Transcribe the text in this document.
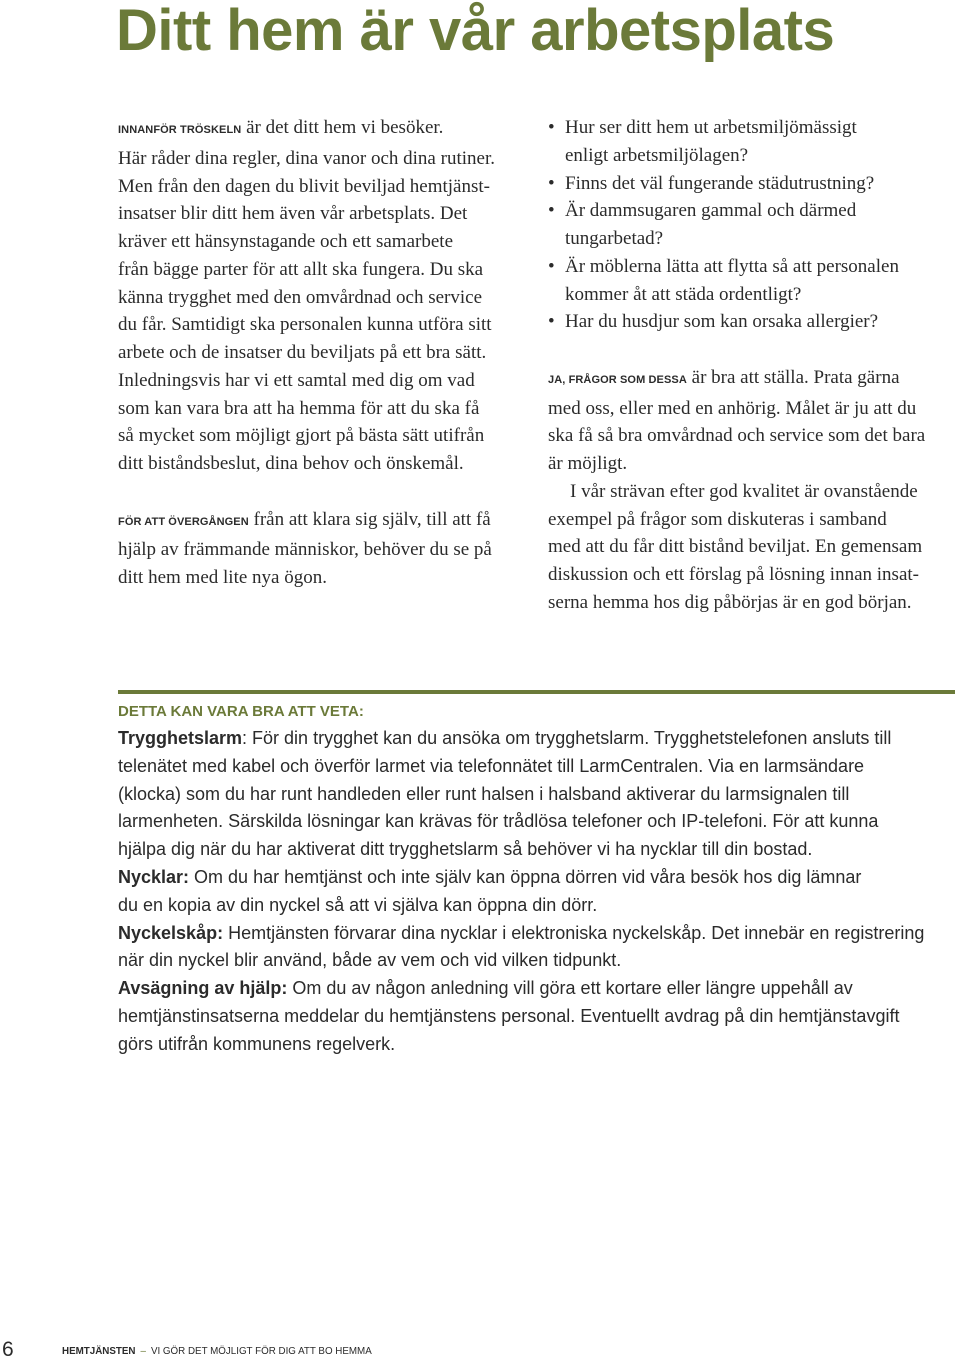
Ditt hem är vår arbetsplats

INNANFÖR TRÖSKELN är det ditt hem vi besöker.
Här råder dina regler, dina vanor och dina rutiner.
Men från den dagen du blivit beviljad hemtjänst-
insatser blir ditt hem även vår arbetsplats. Det
kräver ett hänsynstagande och ett samarbete
från bägge parter för att allt ska fungera. Du ska
känna trygghet med den omvårdnad och service
du får. Samtidigt ska personalen kunna utföra sitt
arbete och de insatser du beviljats på ett bra sätt.
Inledningsvis har vi ett samtal med dig om vad
som kan vara bra att ha hemma för att du ska få
så mycket som möjligt gjort på bästa sätt utifrån
ditt biståndsbeslut, dina behov och önskemål.

FÖR ATT ÖVERGÅNGEN från att klara sig själv, till att få
hjälp av främmande människor, behöver du se på
ditt hem med lite nya ögon.

• Hur ser ditt hem ut arbetsmiljömässigt
enligt arbetsmiljölagen?
• Finns det väl fungerande städutrustning?
• Är dammsugaren gammal och därmed
tungarbetad?
• Är möblerna lätta att flytta så att personalen
kommer åt att städa ordentligt?
• Har du husdjur som kan orsaka allergier?

JA, FRÅGOR SOM DESSA är bra att ställa. Prata gärna
med oss, eller med en anhörig. Målet är ju att du
ska få så bra omvårdnad och service som det bara
är möjligt.

I vår strävan efter god kvalitet är ovanstående
exempel på frågor som diskuteras i samband
med att du får ditt bistånd beviljat. En gemensam
diskussion och ett förslag på lösning innan insat-
serna hemma hos dig påbörjas är en god början.

DETTA KAN VARA BRA ATT VETA:

Trygghetslarm: För din trygghet kan du ansöka om trygghetslarm. Trygghetstelefonen ansluts till
telenätet med kabel och överför larmet via telefonnätet till LarmCentralen. Via en larmsändare
(klocka) som du har runt handleden eller runt halsen i halsband aktiverar du larmsignalen till
larmenheten. Särskilda lösningar kan krävas för trådlösa telefoner och IP-telefoni. För att kunna
hjälpa dig när du har aktiverat ditt trygghetslarm så behöver vi ha nycklar till din bostad.

Nycklar: Om du har hemtjänst och inte själv kan öppna dörren vid våra besök hos dig lämnar
du en kopia av din nyckel så att vi själva kan öppna din dörr.

Nyckelskåp: Hemtjänsten förvarar dina nycklar i elektroniska nyckelskåp. Det innebär en registrering
när din nyckel blir använd, både av vem och vid vilken tidpunkt.

Avsägning av hjälp: Om du av någon anledning vill göra ett kortare eller längre uppehåll av
hemtjänstinsatserna meddelar du hemtjänstens personal. Eventuellt avdrag på din hemtjänstavgift
görs utifrån kommunens regelverk.

6	HEMTJÄNSTEN – VI GÖR DET MÖJLIGT FÖR DIG ATT BO HEMMA
